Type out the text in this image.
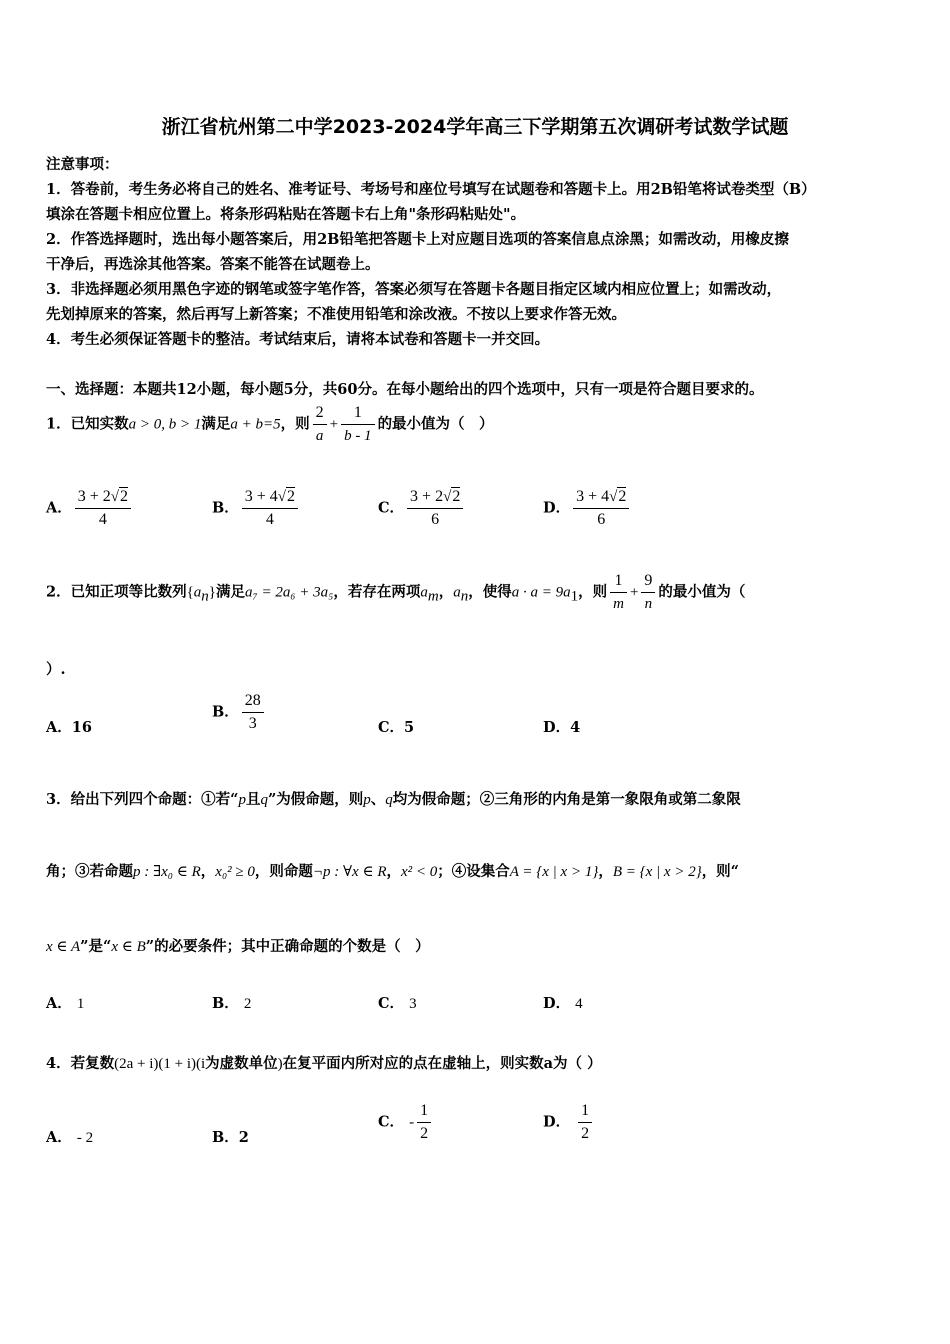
浙江省杭州第二中学2023-2024学年高三下学期第五次调研考试数学试题
注意事项：
1．答卷前，考生务必将自己的姓名、准考证号、考场号和座位号填写在试题卷和答题卡上。用2B铅笔将试卷类型（B）
填涂在答题卡相应位置上。将条形码粘贴在答题卡右上角"条形码粘贴处"。
2．作答选择题时，选出每小题答案后，用2B铅笔把答题卡上对应题目选项的答案信息点涂黑；如需改动，用橡皮擦
干净后，再选涂其他答案。答案不能答在试题卷上。
3．非选择题必须用黑色字迹的钢笔或签字笔作答，答案必须写在答题卡各题目指定区域内相应位置上；如需改动，
先划掉原来的答案，然后再写上新答案；不准使用铅笔和涂改液。不按以上要求作答无效。
4．考生必须保证答题卡的整洁。考试结束后，请将本试卷和答题卡一并交回。
一、选择题：本题共12小题，每小题5分，共60分。在每小题给出的四个选项中，只有一项是符合题目要求的。
1．已知实数a > 0, b > 1满足a + b=5，则 $\frac{2}{a} + \frac{1}{b - 1}$ 的最小值为（　）
A． $\frac{3 + 2√2}{4}$	B． $\frac{3 + 4√2}{4}$	C． $\frac{3 + 2√2}{6}$	D． $\frac{3 + 4√2}{6}$
2．已知正项等比数列$\{a_n\}$满足a₇ = 2a₆ + 3a₅，若存在两项$a_m$，$a_n$，使得$a \cdot a = 9a_1$，则 $\frac{1}{m} + \frac{9}{n}$ 的最小值为（
）.
A．16
B． $\frac{28}{3}$	C．5	D．4
3．给出下列四个命题：①若“p且q”为假命题，则p、q均为假命题；②三角形的内角是第一象限角或第二象限
角；③若命题p : ∃x₀ ∈ R，x₀² ≥ 0，则命题¬p : ∀x ∈ R，x² < 0；④设集合A = {x | x > 1}，B = {x | x > 2}，则“
x ∈ A”是“x ∈ B”的必要条件；其中正确命题的个数是（　）
A． 1	B． 2	C． 3	D． 4
4．若复数(2a + i)(1 + i)(i为虚数单位)在复平面内所对应的点在虚轴上，则实数a为（ ）
A． - 2	B．2
C． - $\frac{1}{2}$	D． $\frac{1}{2}$
